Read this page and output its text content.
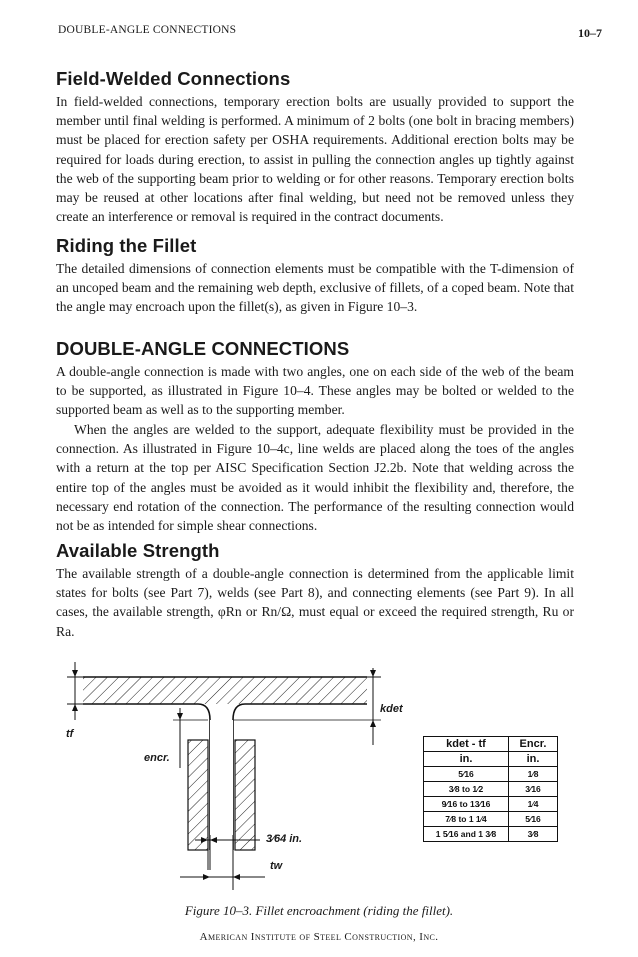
DOUBLE-ANGLE CONNECTIONS	10–7
Field-Welded Connections

In field-welded connections, temporary erection bolts are usually provided to support the member until final welding is performed. A minimum of 2 bolts (one bolt in bracing members) must be placed for erection safety per OSHA requirements. Additional erection bolts may be required for loads during erection, to assist in pulling the connection angles up tightly against the web of the supporting beam prior to welding or for other reasons. Temporary erection bolts may be reused at other locations after final welding, but need not be removed unless they create an interference or removal is required in the contract documents.

Riding the Fillet

The detailed dimensions of connection elements must be compatible with the T-dimension of an uncoped beam and the remaining web depth, exclusive of fillets, of a coped beam. Note that the angle may encroach upon the fillet(s), as given in Figure 10–3.

DOUBLE-ANGLE CONNECTIONS

A double-angle connection is made with two angles, one on each side of the web of the beam to be supported, as illustrated in Figure 10–4. These angles may be bolted or welded to the supported beam as well as to the supporting member.

When the angles are welded to the support, adequate flexibility must be provided in the connection. As illustrated in Figure 10–4c, line welds are placed along the toes of the angles with a return at the top per AISC Specification Section J2.2b. Note that welding across the entire top of the angles must be avoided as it would inhibit the flexibility and, therefore, the necessary end rotation of the connection. The performance of the resulting connection would not be as intended for simple shear connections.

Available Strength

The available strength of a double-angle connection is determined from the applicable limit states for bolts (see Part 7), welds (see Part 8), and connecting elements (see Part 9). In all cases, the available strength, φRn or Rn/Ω, must equal or exceed the required strength, Ru or Ra.

tf
kdet
encr.
3⁄64 in.
tw
kdet - tf	Encr.
in.	in.
5⁄16	1⁄8
3⁄8 to 1⁄2	3⁄16
9⁄16 to 13⁄16	1⁄4
7⁄8 to 1 1⁄4	5⁄16
1 5⁄16 and 1 3⁄8	3⁄8
Figure 10–3. Fillet encroachment (riding the fillet).
American Institute of Steel Construction, Inc.
